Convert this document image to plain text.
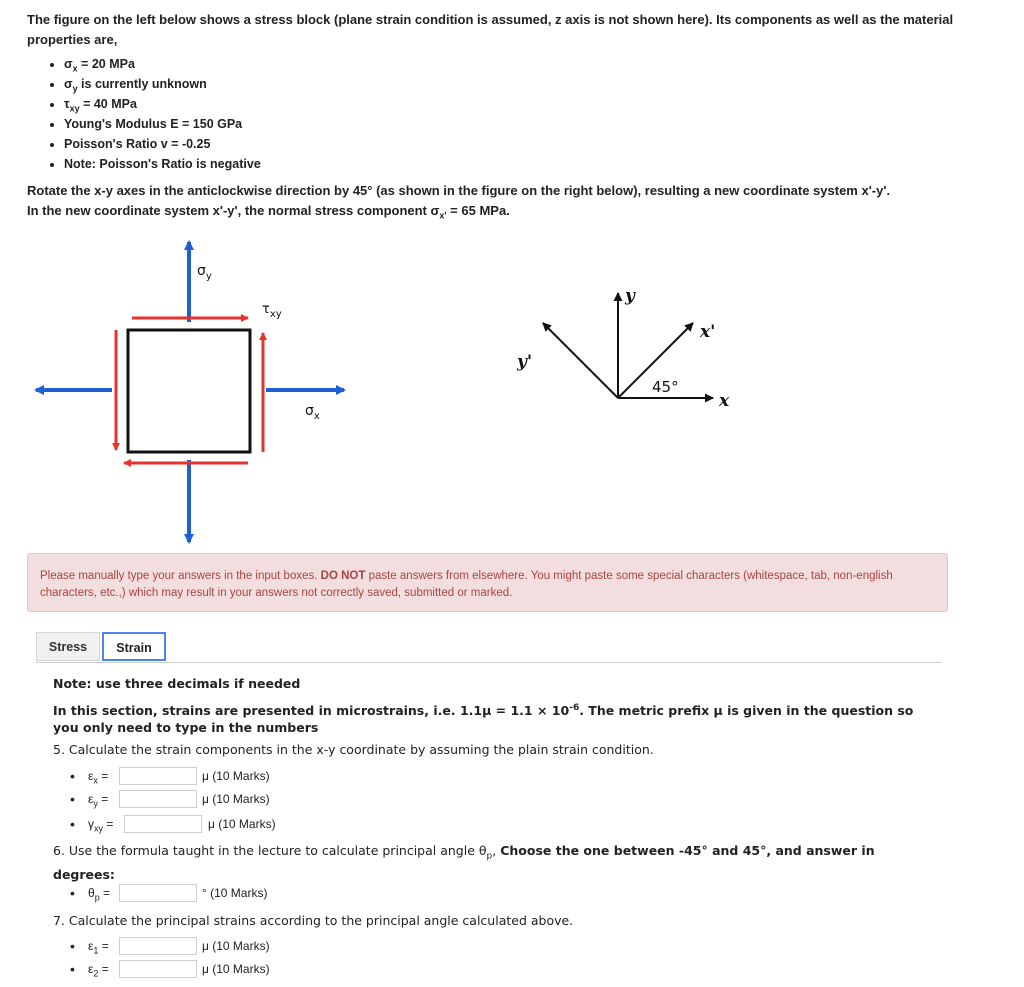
The figure on the left below shows a stress block (plane strain condition is assumed, z axis is not shown here). Its components as well as the material properties are,
• $\sigma_x = 20$ MPa
• $\sigma_y$ is currently unknown
• $\tau_{xy} = 40$ MPa
• Young's Modulus E = 150 GPa
• Poisson's Ratio v = -0.25
• Note: Poisson's Ratio is negative
Rotate the x-y axes in the anticlockwise direction by 45° (as shown in the figure on the right below), resulting a new coordinate system x'-y'.
In the new coordinate system x'-y', the normal stress component $\sigma_{x'} = 65$ MPa.
$\sigma_y$
$\tau_{xy}$
$\sigma_x$
y
y'
x
x'
45°
Please manually type your answers in the input boxes. DO NOT paste answers from elsewhere. You might paste some special characters (whitespace, tab, non-english characters, etc.,) which may result in your answers not correctly saved, submitted or marked.
Stress	Strain
Note: use three decimals if needed
In this section, strains are presented in microstrains, i.e. $1.1\mu = 1.1 \times 10^{-6}$. The metric prefix μ is given in the question so you only need to type in the numbers
5. Calculate the strain components in the x-y coordinate by assuming the plain strain condition.
• $\varepsilon_x$ =	μ (10 Marks)
• $\varepsilon_y$ =	μ (10 Marks)
• $\gamma_{xy}$ =	μ (10 Marks)
6. Use the formula taught in the lecture to calculate principal angle $\theta_p$, Choose the one between -45° and 45°, and answer in degrees:
• $\theta_p$ =	° (10 Marks)
7. Calculate the principal strains according to the principal angle calculated above.
• $\varepsilon_1$ =	μ (10 Marks)
• $\varepsilon_2$ =	μ (10 Marks)
